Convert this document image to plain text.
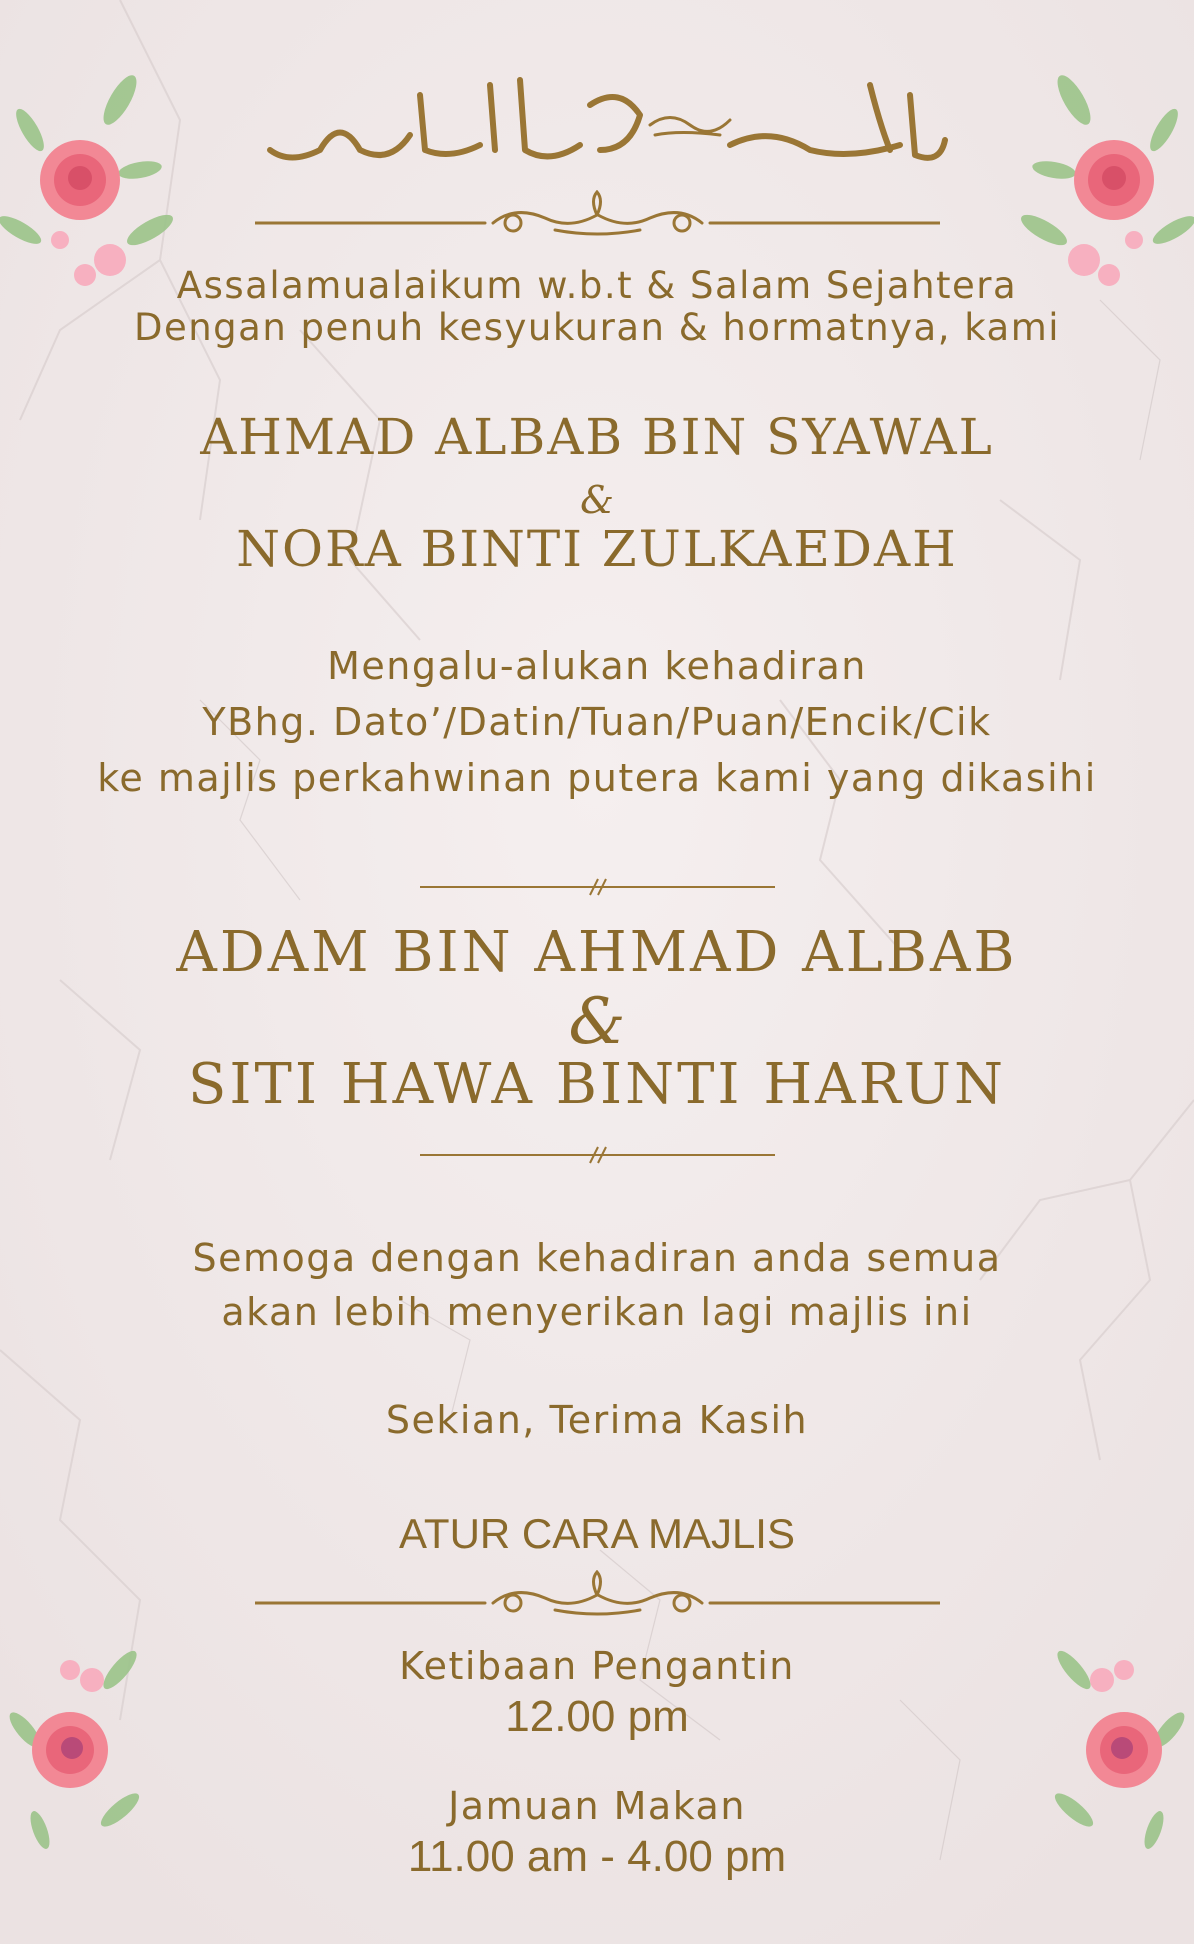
Assalamualaikum w.b.t & Salam Sejahtera
Dengan penuh kesyukuran & hormatnya, kami
AHMAD ALBAB BIN SYAWAL
&
NORA BINTI ZULKAEDAH
Mengalu-alukan kehadiran
YBhg. Dato’/Datin/Tuan/Puan/Encik/Cik
ke majlis perkahwinan putera kami yang dikasihi
ADAM BIN AHMAD ALBAB
&
SITI HAWA BINTI HARUN
Semoga dengan kehadiran anda semua
akan lebih menyerikan lagi majlis ini
Sekian, Terima Kasih
ATUR CARA MAJLIS
Ketibaan Pengantin
12.00 pm
Jamuan Makan
11.00 am - 4.00 pm
